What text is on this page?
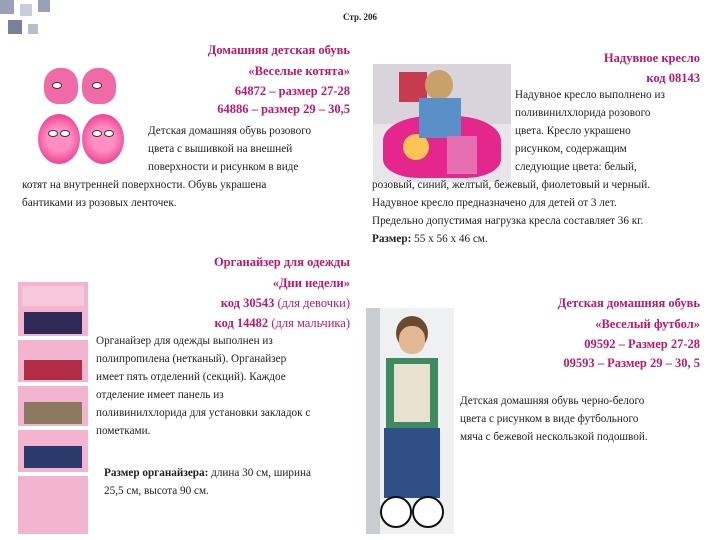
Стр. 206
Домашняя детская обувь
«Веселые котята»
64872 – размер 27-28
64886 – размер 29 – 30,5
Детская домашняя обувь розового
цвета с вышивкой на внешней
поверхности и рисунком в виде
котят на внутренней поверхности. Обувь украшена
бантиками из розовых ленточек.
Надувное кресло
код 08143
Надувное кресло выполнено из
поливинилхлорида розового
цвета. Кресло украшено
рисунком, содержащим
следующие цвета: белый,
розовый, синий, желтый, бежевый, фиолетовый и черный.
Надувное кресло предназначено для детей от 3 лет.
Предельно допустимая нагрузка кресла составляет 36 кг.
Размер: 55 х 56 х 46 см.
Органайзер для одежды
«Дни недели»
код 30543 (для девочки)
код 14482 (для мальчика)
Органайзер для одежды выполнен из
полипропилена (нетканый). Органайзер
имеет пять отделений (секций). Каждое
отделение имеет панель из
поливинилхлорида для установки закладок с
пометками.
Размер органайзера: длина 30 см, ширина
25,5 см, высота 90 см.
Детская домашняя обувь
«Веселый футбол»
09592 – Размер 27-28
09593 – Размер 29 – 30, 5
Детская домашняя обувь черно-белого
цвета с рисунком в виде футбольного
мяча с бежевой нескользкой подошвой.
